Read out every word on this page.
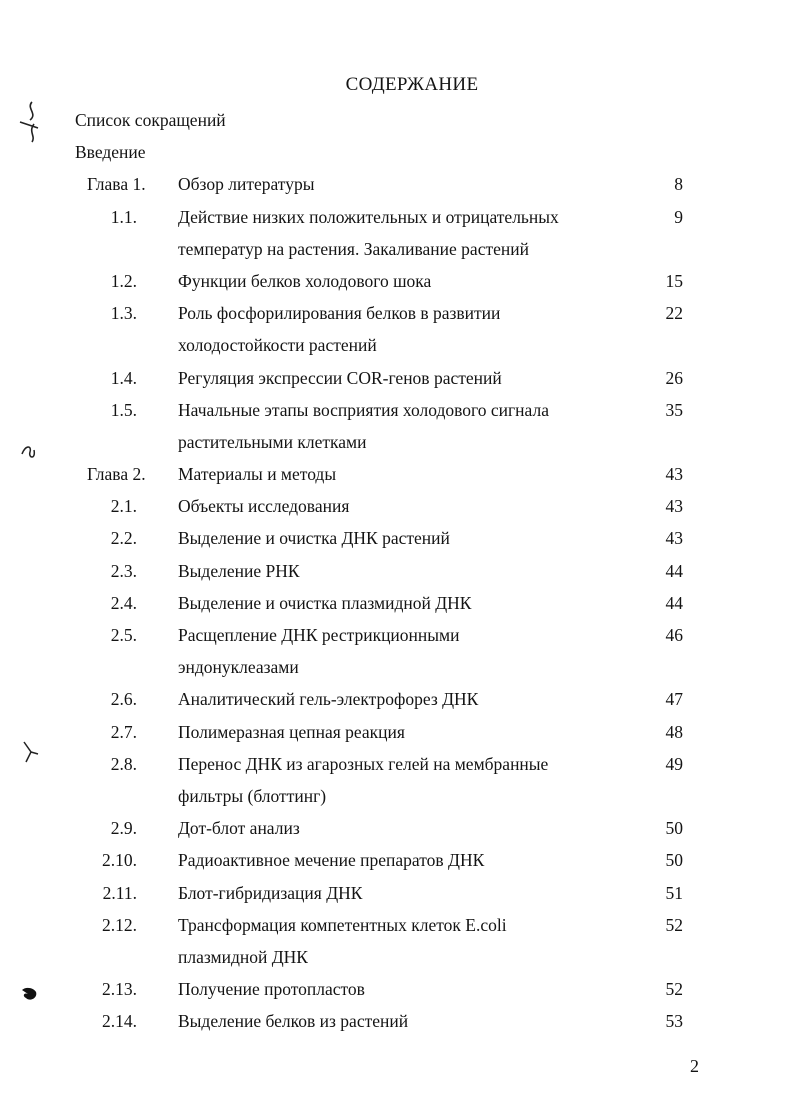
СОДЕРЖАНИЕ
Список сокращений
Введение
Глава 1. Обзор литературы	8
1.1. Действие низких положительных и отрицательных	9
температур на растения. Закаливание растений
1.2. Функции белков холодового шока	15
1.3. Роль фосфорилирования белков в развитии	22
холодостойкости растений
1.4. Регуляция экспрессии COR-генов растений	26
1.5. Начальные этапы восприятия холодового сигнала	35
растительными клетками
Глава 2. Материалы и методы	43
2.1. Объекты исследования	43
2.2. Выделение и очистка ДНК растений	43
2.3. Выделение РНК	44
2.4. Выделение и очистка плазмидной ДНК	44
2.5. Расщепление ДНК рестрикционными	46
эндонуклеазами
2.6. Аналитический гель-электрофорез ДНК	47
2.7. Полимеразная цепная реакция	48
2.8. Перенос ДНК из агарозных гелей на мембранные	49
фильтры (блоттинг)
2.9. Дот-блот анализ	50
2.10. Радиоактивное мечение препаратов ДНК	50
2.11. Блот-гибридизация ДНК	51
2.12. Трансформация компетентных клеток E.coli	52
плазмидной ДНК
2.13. Получение протопластов	52
2.14. Выделение белков из растений	53
2
